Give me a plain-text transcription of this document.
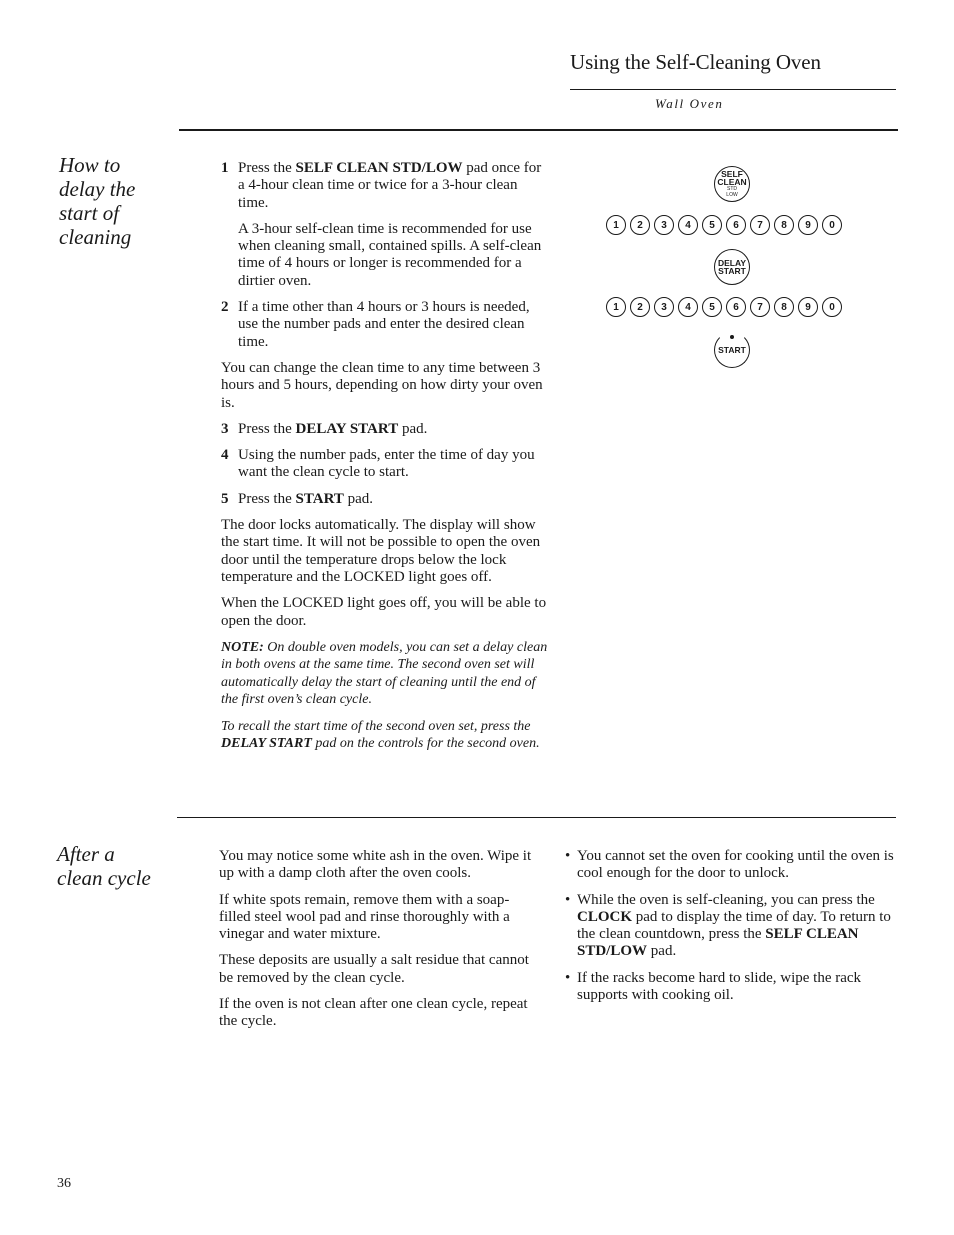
Using the Self-Cleaning Oven
Wall Oven
How to
delay the
start of
cleaning
1 Press the SELF CLEAN STD/LOW pad once for a 4-hour clean time or twice for a 3-hour clean time.
A 3-hour self-clean time is recommended for use when cleaning small, contained spills. A self-clean time of 4 hours or longer is recommended for a dirtier oven.
2 If a time other than 4 hours or 3 hours is needed, use the number pads and enter the desired clean time.

You can change the clean time to any time between 3 hours and 5 hours, depending on how dirty your oven is.

3 Press the DELAY START pad.
4 Using the number pads, enter the time of day you want the clean cycle to start.
5 Press the START pad.

The door locks automatically. The display will show the start time. It will not be possible to open the oven door until the temperature drops below the lock temperature and the LOCKED light goes off.

When the LOCKED light goes off, you will be able to open the door.

NOTE: On double oven models, you can set a delay clean in both ovens at the same time. The second oven set will automatically delay the start of cleaning until the end of the first oven’s clean cycle.

To recall the start time of the second oven set, press the DELAY START pad on the controls for the second oven.

SELF
CLEAN
STD
LOW
1	2	3	4	5	6	7	8	9	0
DELAY
START
1	2	3	4	5	6	7	8	9	0
START
After a
clean cycle

You may notice some white ash in the oven. Wipe it up with a damp cloth after the oven cools.

If white spots remain, remove them with a soap-filled steel wool pad and rinse thoroughly with a vinegar and water mixture.

These deposits are usually a salt residue that cannot be removed by the clean cycle.

If the oven is not clean after one clean cycle, repeat the cycle.

• You cannot set the oven for cooking until the oven is cool enough for the door to unlock.
• While the oven is self-cleaning, you can press the CLOCK pad to display the time of day. To return to the clean countdown, press the SELF CLEAN STD/LOW pad.
• If the racks become hard to slide, wipe the rack supports with cooking oil.
36
